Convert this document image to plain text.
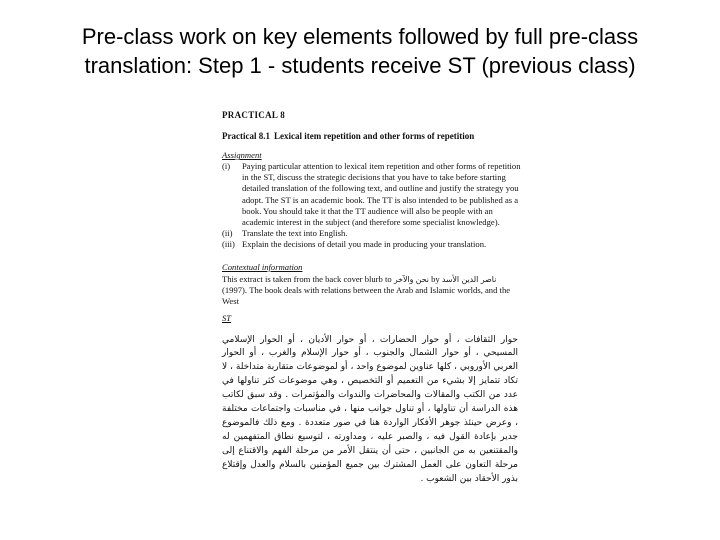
Pre-class work on key elements followed by full pre-class translation: Step 1 - students receive ST (previous class)
PRACTICAL 8
Practical 8.1 Lexical item repetition and other forms of repetition
Assignment
(i)	Paying particular attention to lexical item repetition and other forms of repetition in the ST, discuss the strategic decisions that you have to take before starting detailed translation of the following text, and outline and justify the strategy you adopt. The ST is an academic book. The TT is also intended to be published as a book. You should take it that the TT audience will also be people with an academic interest in the subject (and therefore some specialist knowledge).
(ii)	Translate the text into English.
(iii) Explain the decisions of detail you made in producing your translation.
Contextual information
This extract is taken from the back cover blurb to نحن والآخر by ناصر الدين الأسد (1997). The book deals with relations between the Arab and Islamic worlds, and the West
ST
حوار الثقافات ، أو حوار الحضارات ، أو حوار الأديان ، أو الحوار الإسلامي المسيحي ، أو حوار الشمال والجنوب ، أو حوار الإسلام والغرب ، أو الحوار العربي الأوروبي ، كلها عناوين لموضوع واحد ، أو لموضوعات متقاربة متداخلة ، لا تكاد تتمايز إلا بشيء من التعميم أو التخصيص ، وهي موضوعات كثر تناولها في عدد من الكتب والمقالات والمحاضرات والندوات والمؤتمرات . وقد سبق لكاتب هذه الدراسة أن تناولها ، أو تناول جوانب منها ، في مناسبات واجتماعات مختلفة ، وعرض حينئذ جوهر الأفكار الواردة هنا في صور متعددة . ومع ذلك فالموضوع جدير بإعادة القول فيه ، والصبر عليه ، ومداورته ، لتوسيع نطاق المتفهمين له والمقتنعين به من الجانبين ، حتى أن ينتقل الأمر من مرحلة الفهم والاقتناع إلى مرحلة التعاون على العمل المشترك بين جميع المؤمنين بالسلام والعدل وإقتلاع بذور الأحقاد بين الشعوب .
